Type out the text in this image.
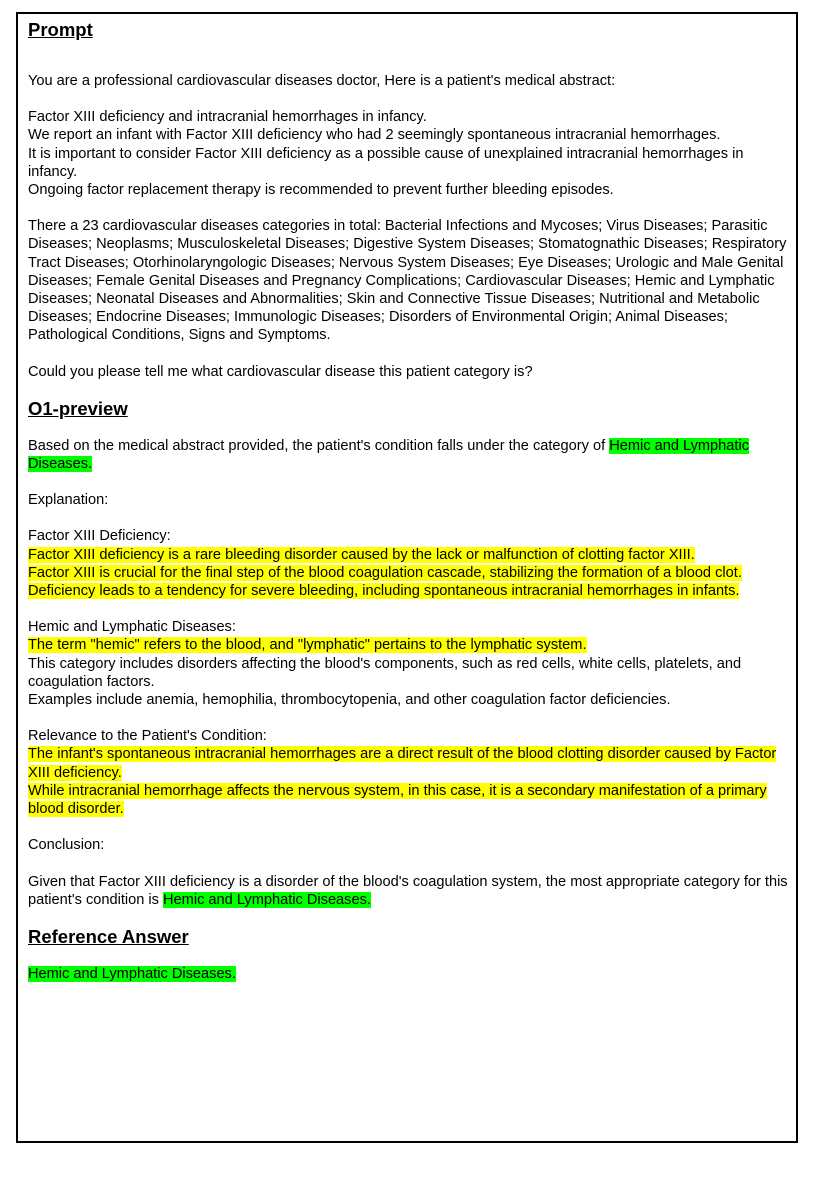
Prompt

You are a professional cardiovascular diseases doctor, Here is a patient's medical abstract:

Factor XIII deficiency and intracranial hemorrhages in infancy.

We report an infant with Factor XIII deficiency who had 2 seemingly spontaneous intracranial hemorrhages.

It is important to consider Factor XIII deficiency as a possible cause of unexplained intracranial hemorrhages in infancy.

Ongoing factor replacement therapy is recommended to prevent further bleeding episodes.

There a 23 cardiovascular diseases categories in total: Bacterial Infections and Mycoses; Virus Diseases; Parasitic Diseases; Neoplasms; Musculoskeletal Diseases; Digestive System Diseases; Stomatognathic Diseases; Respiratory Tract Diseases; Otorhinolaryngologic Diseases; Nervous System Diseases; Eye Diseases; Urologic and Male Genital Diseases; Female Genital Diseases and Pregnancy Complications; Cardiovascular Diseases; Hemic and Lymphatic Diseases; Neonatal Diseases and Abnormalities; Skin and Connective Tissue Diseases; Nutritional and Metabolic Diseases; Endocrine Diseases; Immunologic Diseases; Disorders of Environmental Origin; Animal Diseases; Pathological Conditions, Signs and Symptoms.

Could you please tell me what cardiovascular disease this patient category is?

O1-preview

Based on the medical abstract provided, the patient's condition falls under the category of Hemic and Lymphatic Diseases.

Explanation:

Factor XIII Deficiency:

Factor XIII deficiency is a rare bleeding disorder caused by the lack or malfunction of clotting factor XIII.

Factor XIII is crucial for the final step of the blood coagulation cascade, stabilizing the formation of a blood clot.

Deficiency leads to a tendency for severe bleeding, including spontaneous intracranial hemorrhages in infants.

Hemic and Lymphatic Diseases:

The term "hemic" refers to the blood, and "lymphatic" pertains to the lymphatic system.

This category includes disorders affecting the blood's components, such as red cells, white cells, platelets, and coagulation factors.

Examples include anemia, hemophilia, thrombocytopenia, and other coagulation factor deficiencies.

Relevance to the Patient's Condition:

The infant's spontaneous intracranial hemorrhages are a direct result of the blood clotting disorder caused by Factor XIII deficiency.

While intracranial hemorrhage affects the nervous system, in this case, it is a secondary manifestation of a primary blood disorder.

Conclusion:

Given that Factor XIII deficiency is a disorder of the blood's coagulation system, the most appropriate category for this patient's condition is Hemic and Lymphatic Diseases.

Reference Answer

Hemic and Lymphatic Diseases.
